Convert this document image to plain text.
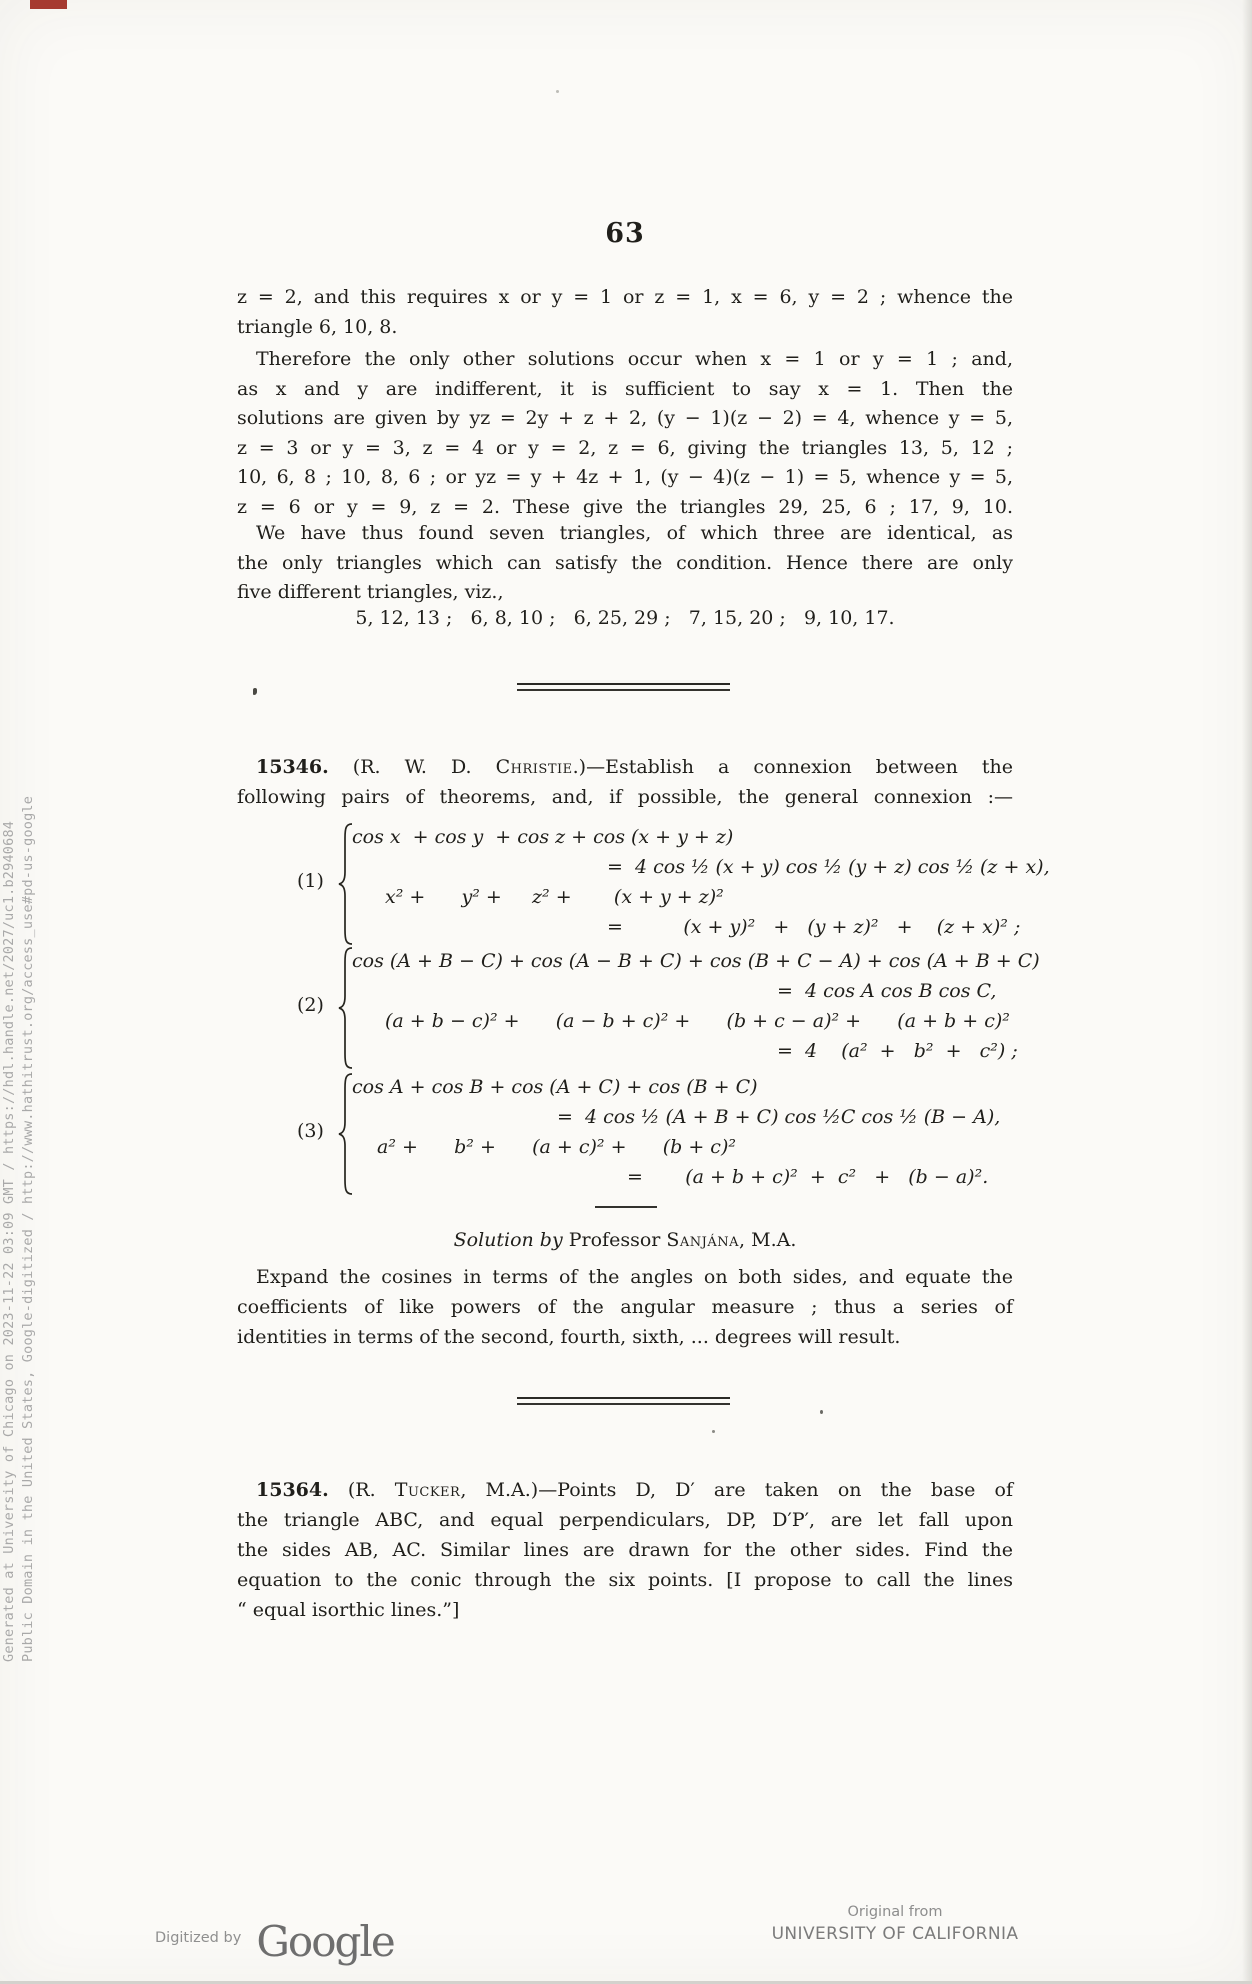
Generated at University of Chicago on 2023-11-22 03:09 GMT / https://hdl.handle.net/2027/uc1.b2940684 Public Domain in the United States, Google-digitized / http://www.hathitrust.org/access_use#pd-us-google
63
z = 2, and this requires x or y = 1 or z = 1, x = 6, y = 2 ; whence the
triangle 6, 10, 8.
Therefore the only other solutions occur when x = 1 or y = 1 ; and,
as x and y are indifferent, it is sufficient to say x = 1. Then the
solutions are given by yz = 2y + z + 2, (y − 1)(z − 2) = 4, whence y = 5,
z = 3 or y = 3, z = 4 or y = 2, z = 6, giving the triangles 13, 5, 12 ;
10, 6, 8 ; 10, 8, 6 ; or yz = y + 4z + 1, (y − 4)(z − 1) = 5, whence y = 5,
z = 6 or y = 9, z = 2. These give the triangles 29, 25, 6 ; 17, 9, 10.
We have thus found seven triangles, of which three are identical, as
the only triangles which can satisfy the condition. Hence there are only
five different triangles, viz.,
5, 12, 13 ;   6, 8, 10 ;   6, 25, 29 ;   7, 15, 20 ;   9, 10, 17.
15346. (R. W. D. Christie.)—Establish a connexion between the
following pairs of theorems, and, if possible, the general connexion :—
(1)
cos x  + cos y  + cos z + cos (x + y + z)
=  4 cos ½ (x + y) cos ½ (y + z) cos ½ (z + x),
x² +      y² +     z² +       (x + y + z)²
=          (x + y)²   +   (y + z)²   +    (z + x)² ;
(2)
cos (A + B − C) + cos (A − B + C) + cos (B + C − A) + cos (A + B + C)
=  4 cos A cos B cos C,
(a + b − c)² +      (a − b + c)² +      (b + c − a)² +      (a + b + c)²
=  4    (a²  +   b²  +   c²) ;
(3)
cos A + cos B + cos (A + C) + cos (B + C)
=  4 cos ½ (A + B + C) cos ½C cos ½ (B − A),
a² +      b² +      (a + c)² +      (b + c)²
=       (a + b + c)²  +  c²   +   (b − a)².
Solution by Professor Sanjána, M.A.
Expand the cosines in terms of the angles on both sides, and equate the
coefficients of like powers of the angular measure ; thus a series of
identities in terms of the second, fourth, sixth, ... degrees will result.
15364. (R. Tucker, M.A.)—Points D, D′ are taken on the base of
the triangle ABC, and equal perpendiculars, DP, D′P′, are let fall upon
the sides AB, AC. Similar lines are drawn for the other sides. Find the
equation to the conic through the six points. [I propose to call the lines
“ equal isorthic lines.”]
Digitized by Google
Original from
UNIVERSITY OF CALIFORNIA
